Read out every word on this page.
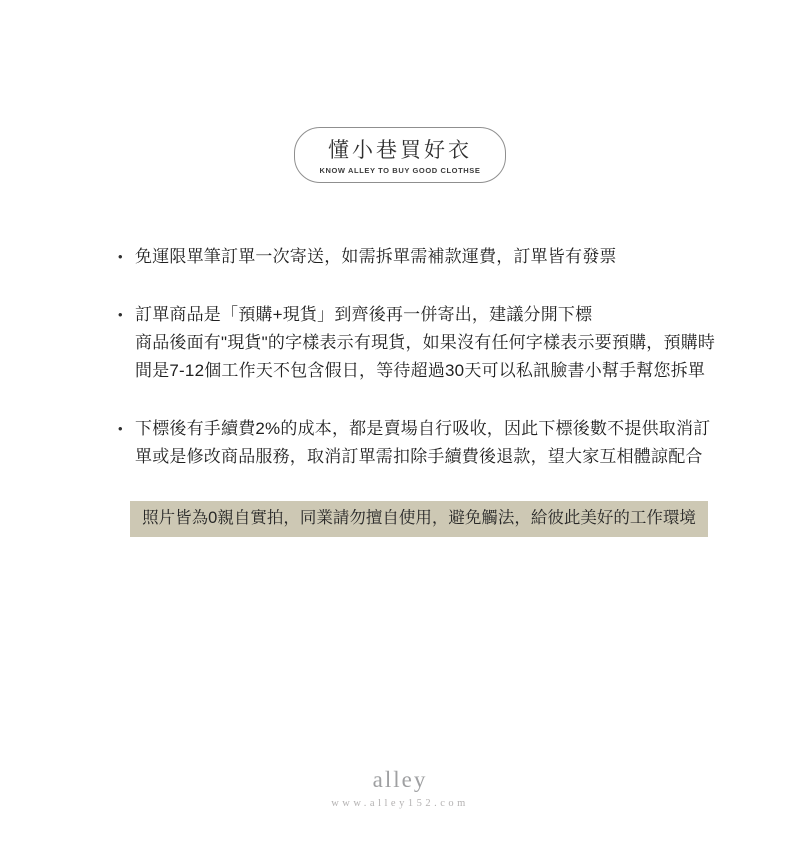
懂小巷買好衣
KNOW ALLEY TO BUY GOOD CLOTHSE
• 免運限單筆訂單一次寄送，如需拆單需補款運費，訂單皆有發票
• 訂單商品是「預購+現貨」到齊後再一併寄出，建議分開下標
商品後面有"現貨"的字樣表示有現貨，如果沒有任何字樣表示要預購，預購時
間是7-12個工作天不包含假日，等待超過30天可以私訊臉書小幫手幫您拆單
• 下標後有手續費2%的成本，都是賣場自行吸收，因此下標後數不提供取消訂
單或是修改商品服務，取消訂單需扣除手續費後退款，望大家互相體諒配合
照片皆為0親自實拍，同業請勿擅自使用，避免觸法，給彼此美好的工作環境
alley
www.alley152.com
